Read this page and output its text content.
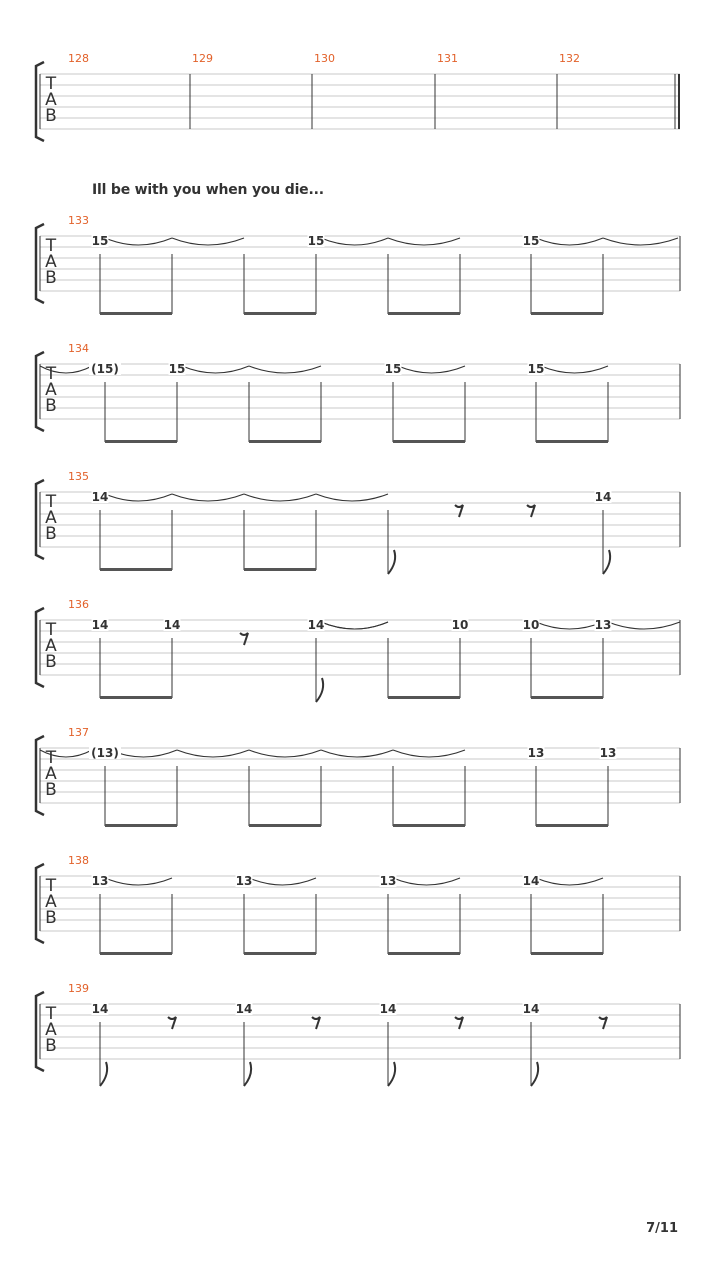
Ill be with you when you die...
7/11
T
A
B
128	129	130	131	132
T
A
B
133
15	15	15
T
A
B
134
(15)	15	15	15
T
A
B
135
14	14
T
A
B
136
14	14	14	10	10	13
T
A
B
137
(13)	13	13
T
A
B
138
13	13	13	14
T
A
B
139
14	14	14	14
